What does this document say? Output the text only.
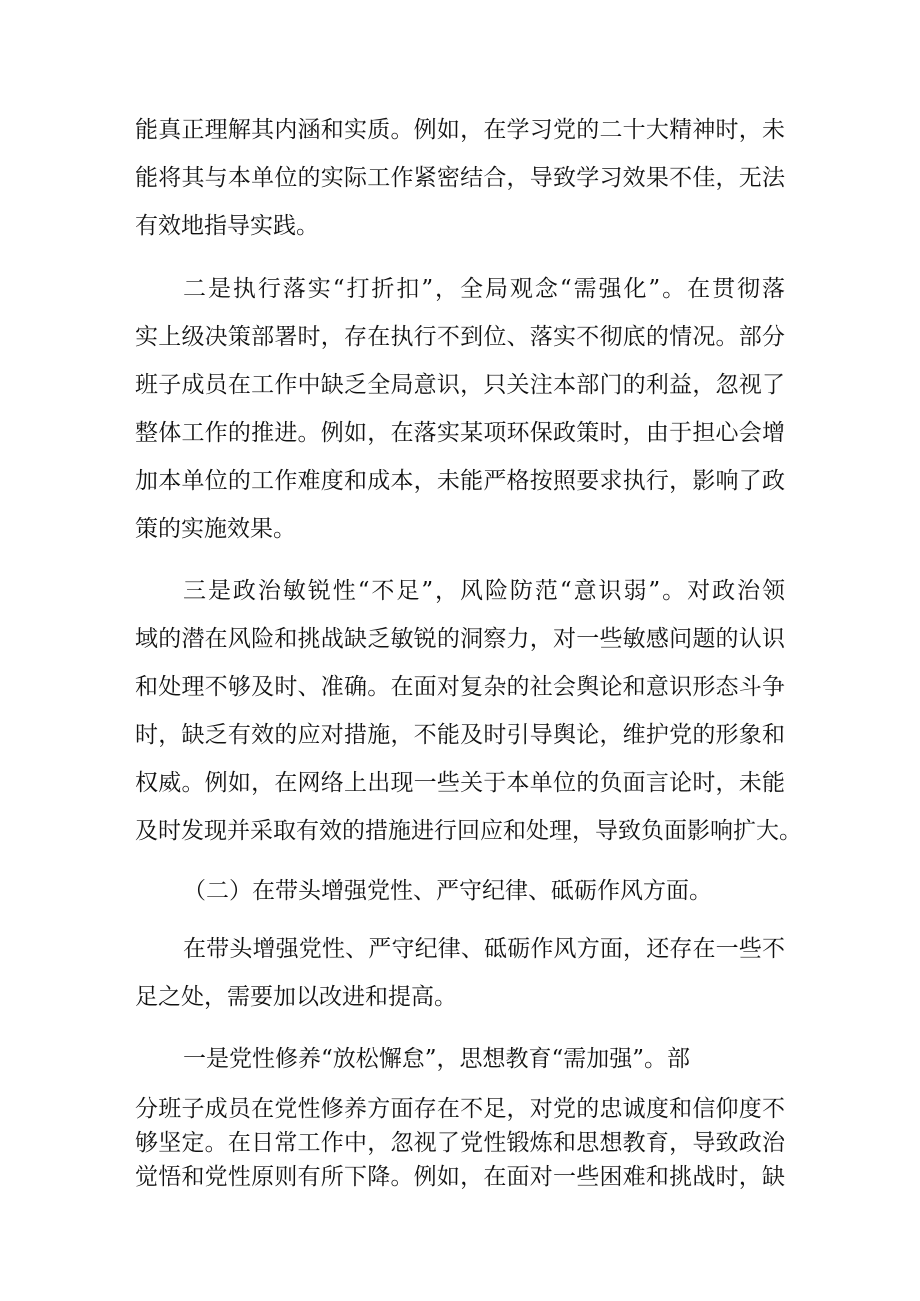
能真正理解其内涵和实质。例如，在学习党的二十大精神时，未
能将其与本单位的实际工作紧密结合，导致学习效果不佳，无法
有效地指导实践。
二是执行落实“打折扣”，全局观念“需强化”。在贯彻落
实上级决策部署时，存在执行不到位、落实不彻底的情况。部分
班子成员在工作中缺乏全局意识，只关注本部门的利益，忽视了
整体工作的推进。例如，在落实某项环保政策时，由于担心会增
加本单位的工作难度和成本，未能严格按照要求执行，影响了政
策的实施效果。
三是政治敏锐性“不足”，风险防范“意识弱”。对政治领
域的潜在风险和挑战缺乏敏锐的洞察力，对一些敏感问题的认识
和处理不够及时、准确。在面对复杂的社会舆论和意识形态斗争
时，缺乏有效的应对措施，不能及时引导舆论，维护党的形象和
权威。例如，在网络上出现一些关于本单位的负面言论时，未能
及时发现并采取有效的措施进行回应和处理，导致负面影响扩大。
（二）在带头增强党性、严守纪律、砥砺作风方面。
在带头增强党性、严守纪律、砥砺作风方面，还存在一些不
足之处，需要加以改进和提高。
一是党性修养“放松懈怠”，思想教育“需加强”。部
分班子成员在党性修养方面存在不足，对党的忠诚度和信仰度不
够坚定。在日常工作中，忽视了党性锻炼和思想教育，导致政治
觉悟和党性原则有所下降。例如，在面对一些困难和挑战时，缺
